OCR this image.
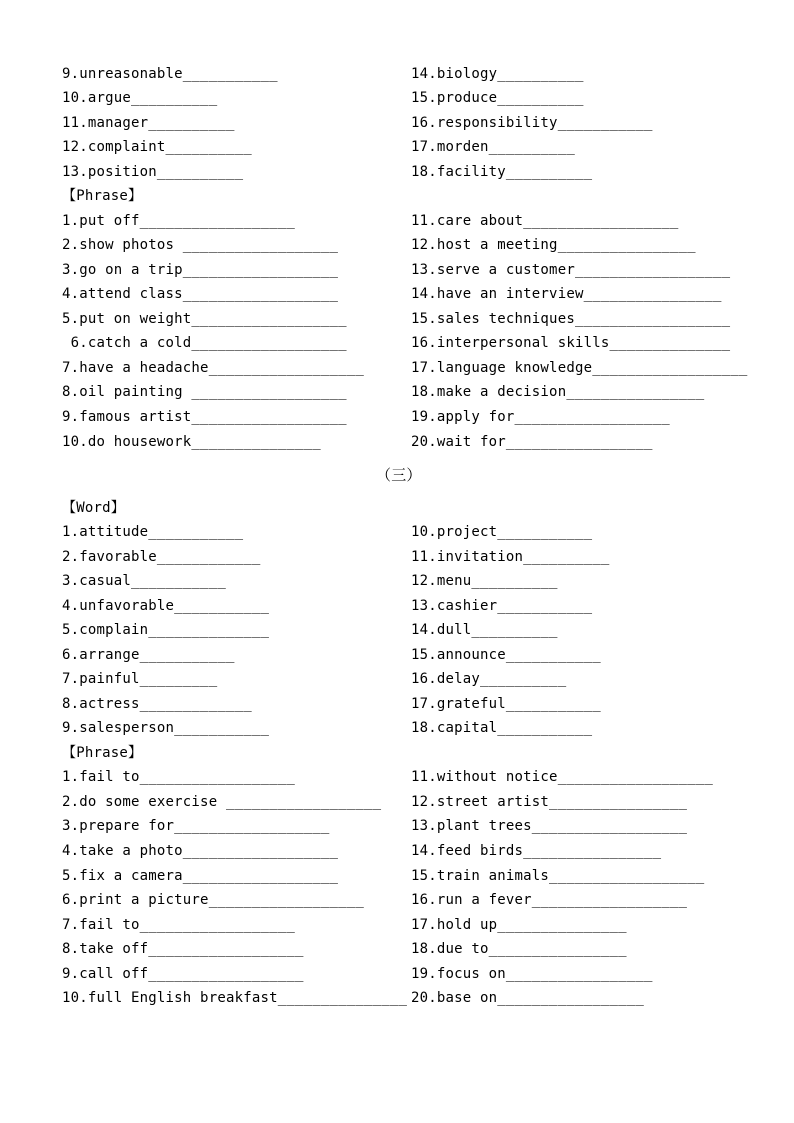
9.unreasonable___________
10.argue__________
11.manager__________
12.complaint__________
13.position__________
14.biology__________
15.produce__________
16.responsibility___________
17.morden__________
18.facility__________
【Phrase】
1.put off__________________
2.show photos __________________
3.go on a trip__________________
4.attend class__________________
5.put on weight__________________
6.catch a cold__________________
7.have a headache__________________
8.oil painting __________________
9.famous artist__________________
10.do housework_______________
11.care about__________________
12.host a meeting________________
13.serve a customer__________________
14.have an interview________________
15.sales techniques__________________
16.interpersonal skills______________
17.language knowledge__________________
18.make a decision________________
19.apply for__________________
20.wait for_________________
（三）
【Word】
1.attitude___________
2.favorable____________
3.casual___________
4.unfavorable___________
5.complain______________
6.arrange___________
7.painful_________
8.actress_____________
9.salesperson___________
10.project___________
11.invitation__________
12.menu__________
13.cashier___________
14.dull__________
15.announce___________
16.delay__________
17.grateful___________
18.capital___________
【Phrase】
1.fail to__________________
2.do some exercise __________________
3.prepare for__________________
4.take a photo__________________
5.fix a camera__________________
6.print a picture__________________
7.fail to__________________
8.take off__________________
9.call off__________________
10.full English breakfast_______________
11.without notice__________________
12.street artist________________
13.plant trees__________________
14.feed birds________________
15.train animals__________________
16.run a fever__________________
17.hold up_______________
18.due to________________
19.focus on_________________
20.base on_________________
